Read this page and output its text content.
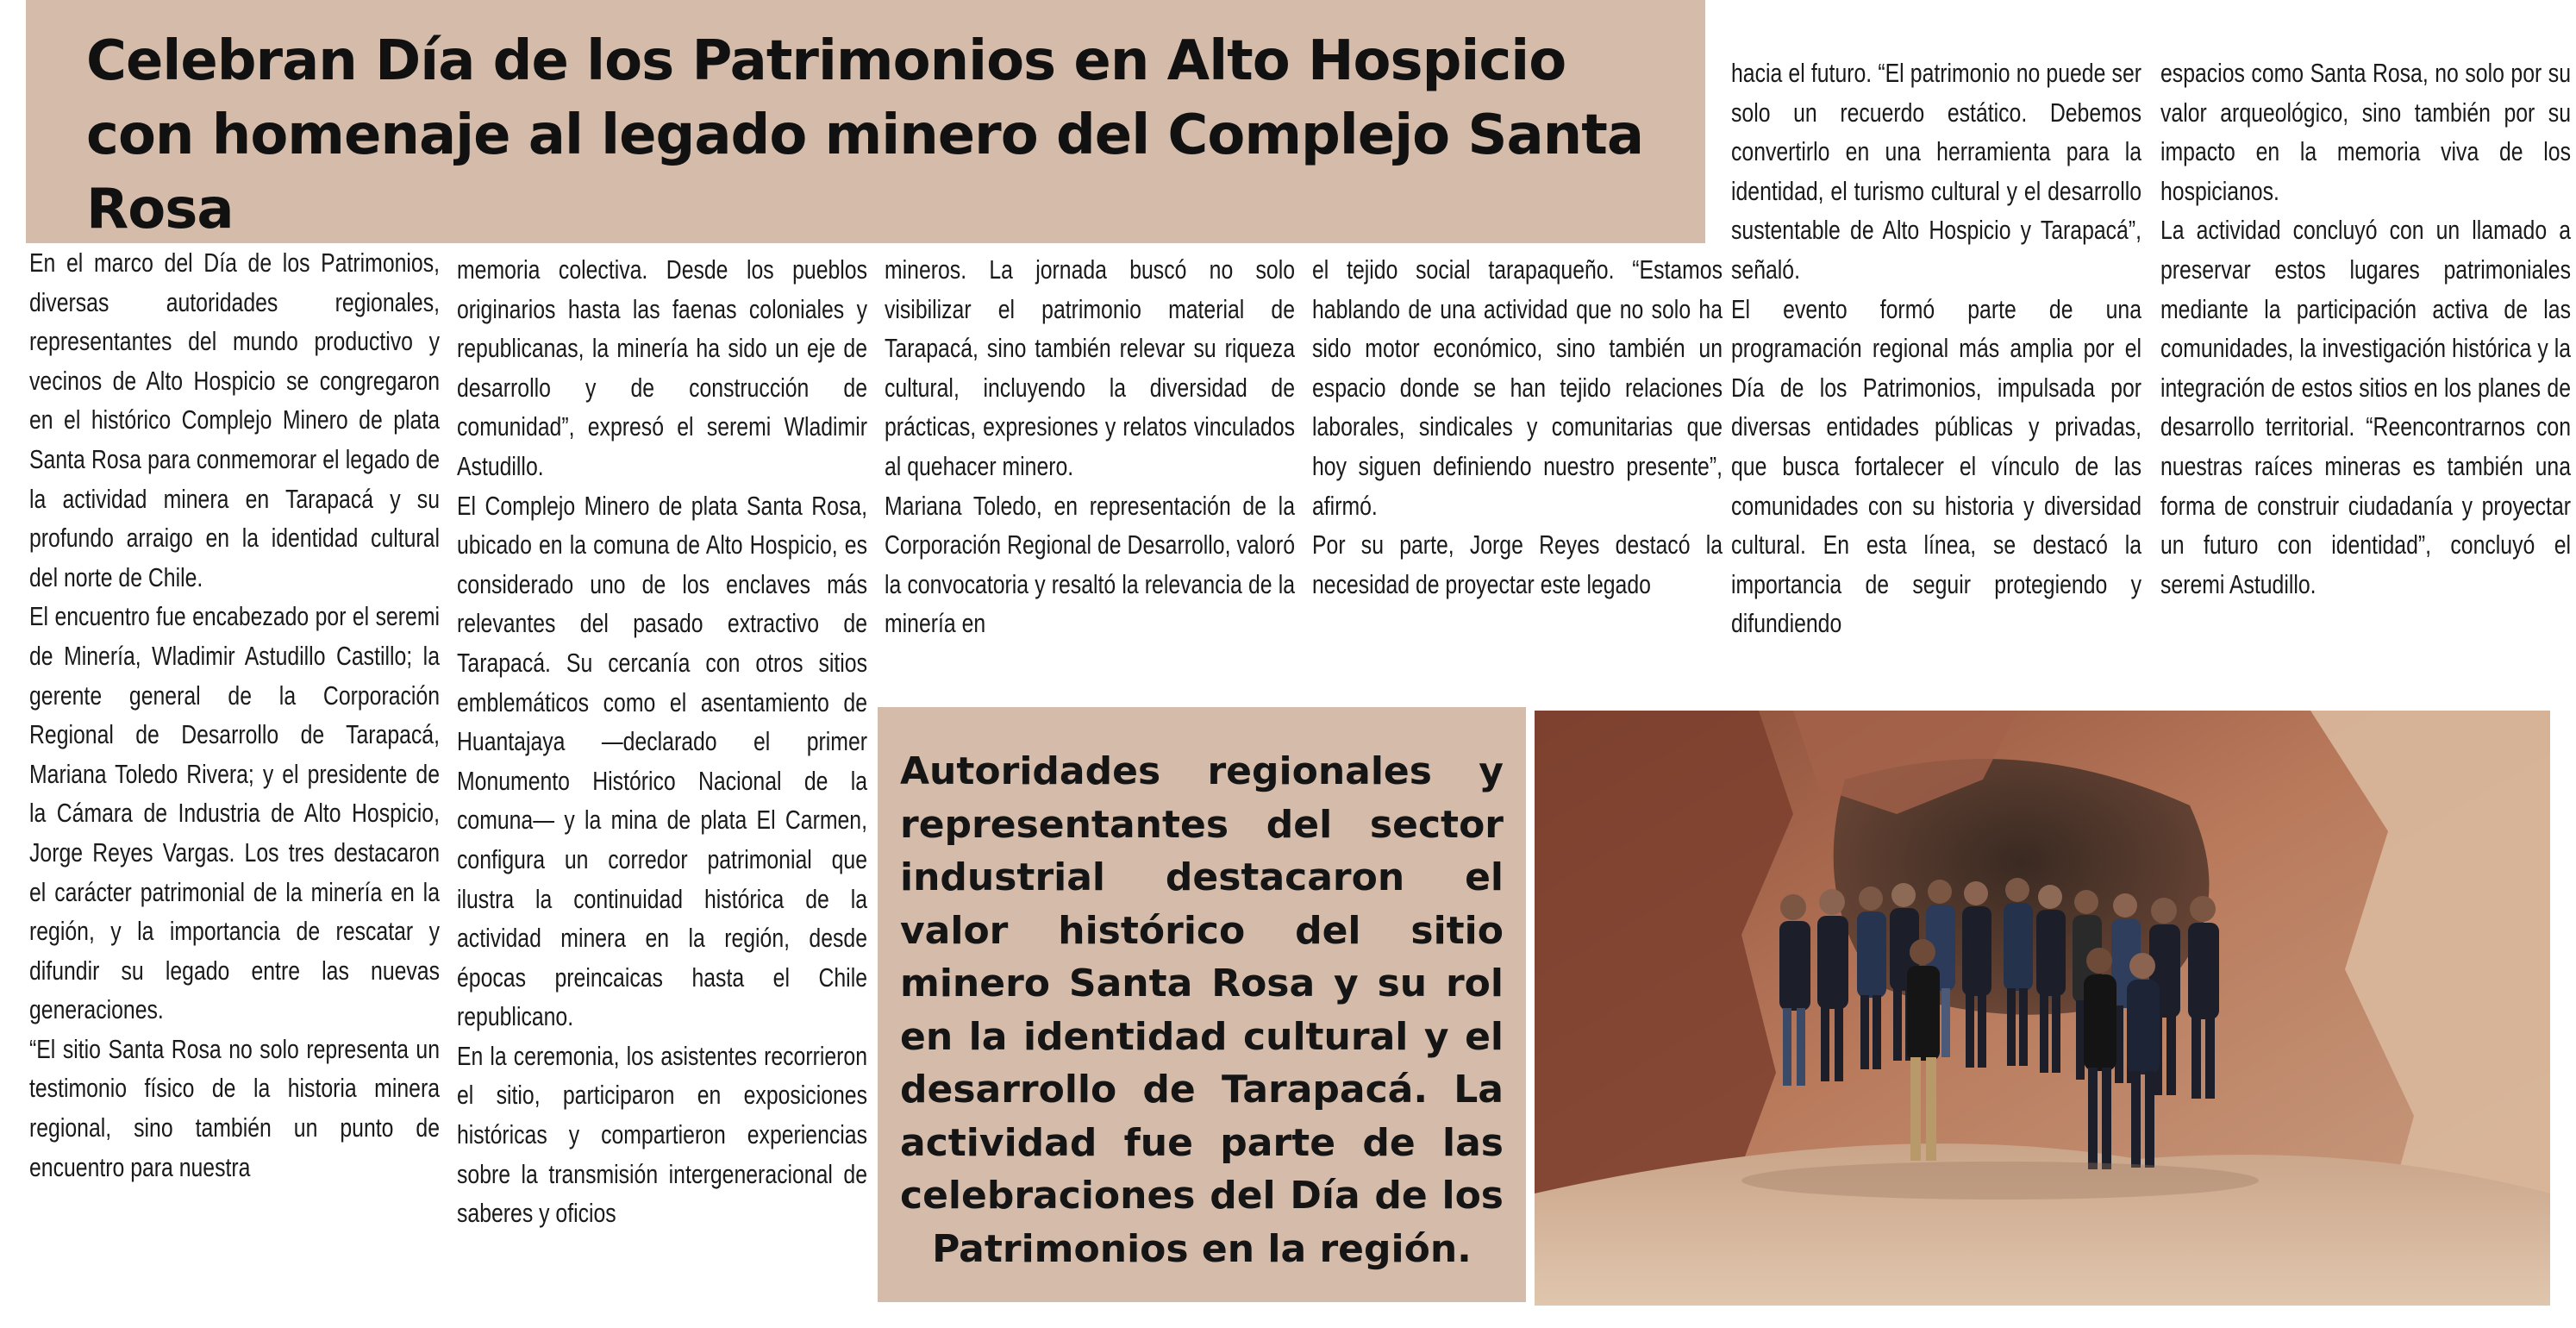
Celebran Día de los Patrimonios en Alto Hospicio con homenaje al legado minero del Complejo Santa Rosa

En el marco del Día de los Patrimonios, diversas autoridades regionales, representantes del mundo productivo y vecinos de Alto Hospicio se congregaron en el histórico Complejo Minero de plata Santa Rosa para conmemorar el legado de la actividad minera en Tarapacá y su profundo arraigo en la identidad cultural del norte de Chile.

El encuentro fue encabezado por el seremi de Minería, Wladimir Astudillo Castillo; la gerente general de la Corporación Regional de Desarrollo de Tarapacá, Mariana Toledo Rivera; y el presidente de la Cámara de Industria de Alto Hospicio, Jorge Reyes Vargas. Los tres destacaron el carácter patrimonial de la minería en la región, y la importancia de rescatar y difundir su legado entre las nuevas generaciones.

“El sitio Santa Rosa no solo representa un testimonio físico de la historia minera regional, sino también un punto de encuentro para nuestra

memoria colectiva. Desde los pueblos originarios hasta las faenas coloniales y republicanas, la minería ha sido un eje de desarrollo y de construcción de comunidad”, expresó el seremi Wladimir Astudillo.

El Complejo Minero de plata Santa Rosa, ubicado en la comuna de Alto Hospicio, es considerado uno de los enclaves más relevantes del pasado extractivo de Tarapacá. Su cercanía con otros sitios emblemáticos como el asentamiento de Huantajaya —declarado el primer Monumento Histórico Nacional de la comuna— y la mina de plata El Carmen, configura un corredor patrimonial que ilustra la continuidad histórica de la actividad minera en la región, desde épocas preincaicas hasta el Chile republicano.

En la ceremonia, los asistentes recorrieron el sitio, participaron en exposiciones históricas y compartieron experiencias sobre la transmisión intergeneracional de saberes y oficios

mineros. La jornada buscó no solo visibilizar el patrimonio material de Tarapacá, sino también relevar su riqueza cultural, incluyendo la diversidad de prácticas, expresiones y relatos vinculados al quehacer minero.

Mariana Toledo, en representación de la Corporación Regional de Desarrollo, valoró la convocatoria y resaltó la relevancia de la minería en

el tejido social tarapaqueño. “Estamos hablando de una actividad que no solo ha sido motor económico, sino también un espacio donde se han tejido relaciones laborales, sindicales y comunitarias que hoy siguen definiendo nuestro presente”, afirmó.

Por su parte, Jorge Reyes destacó la necesidad de proyectar este legado

hacia el futuro. “El patrimonio no puede ser solo un recuerdo estático. Debemos convertirlo en una herramienta para la identidad, el turismo cultural y el desarrollo sustentable de Alto Hospicio y Tarapacá”, señaló.

El evento formó parte de una programación regional más amplia por el Día de los Patrimonios, impulsada por diversas entidades públicas y privadas, que busca fortalecer el vínculo de las comunidades con su historia y diversidad cultural. En esta línea, se destacó la importancia de seguir protegiendo y difundiendo

espacios como Santa Rosa, no solo por su valor arqueológico, sino también por su impacto en la memoria viva de los hospicianos.

La actividad concluyó con un llamado a preservar estos lugares patrimoniales mediante la participación activa de las comunidades, la investigación histórica y la integración de estos sitios en los planes de desarrollo territorial. “Reencontrarnos con nuestras raíces mineras es también una forma de construir ciudadanía y proyectar un futuro con identidad”, concluyó el seremi Astudillo.

Autoridades regionales y representantes del sector industrial destacaron el valor histórico del sitio minero Santa Rosa y su rol en la identidad cultural y el desarrollo de Tarapacá. La actividad fue parte de las celebraciones del Día de los Patrimonios en la región.
